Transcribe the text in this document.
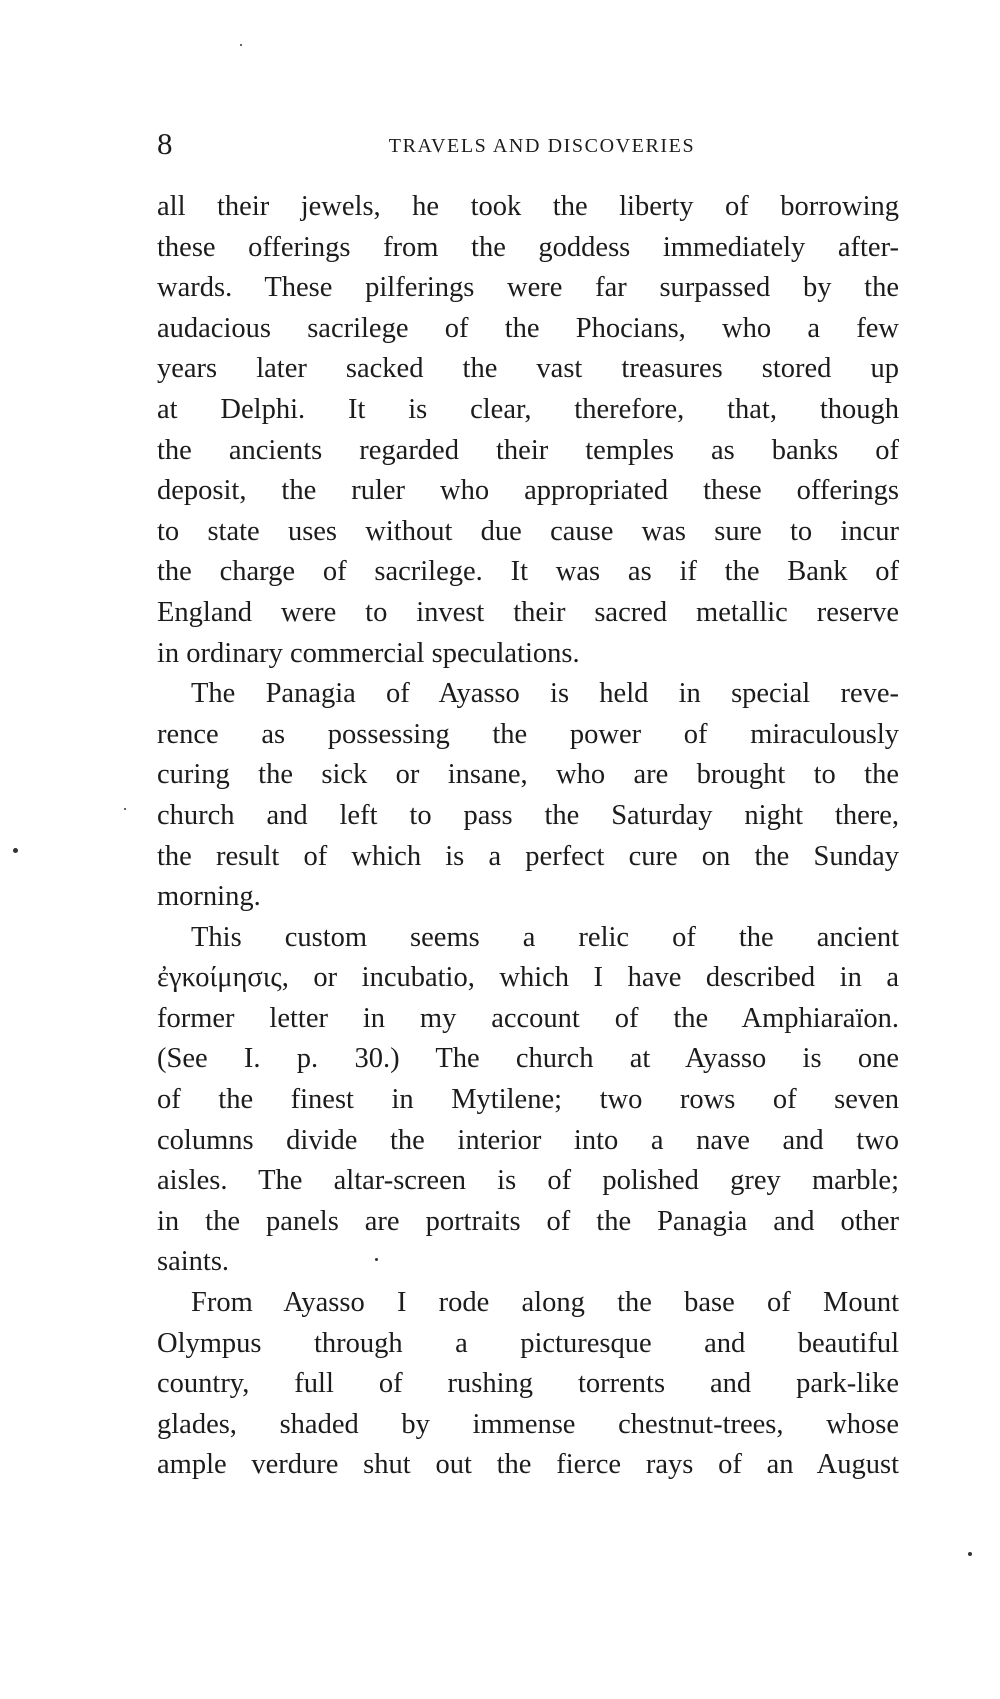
8	TRAVELS AND DISCOVERIES
all their jewels, he took the liberty of borrowing
these offerings from the goddess immediately after-
wards. These pilferings were far surpassed by the
audacious sacrilege of the Phocians, who a few
years later sacked the vast treasures stored up
at Delphi. It is clear, therefore, that, though
the ancients regarded their temples as banks of
deposit, the ruler who appropriated these offerings
to state uses without due cause was sure to incur
the charge of sacrilege. It was as if the Bank of
England were to invest their sacred metallic reserve
in ordinary commercial speculations.
The Panagia of Ayasso is held in special reve-
rence as possessing the power of miraculously
curing the sick or insane, who are brought to the
church and left to pass the Saturday night there,
the result of which is a perfect cure on the Sunday
morning.
This custom seems a relic of the ancient
ἐγκοίμησις, or incubatio, which I have described in a
former letter in my account of the Amphiaraïon.
(See I. p. 30.) The church at Ayasso is one
of the finest in Mytilene; two rows of seven
columns divide the interior into a nave and two
aisles. The altar-screen is of polished grey marble;
in the panels are portraits of the Panagia and other
saints.
From Ayasso I rode along the base of Mount
Olympus through a picturesque and beautiful
country, full of rushing torrents and park-like
glades, shaded by immense chestnut-trees, whose
ample verdure shut out the fierce rays of an August
